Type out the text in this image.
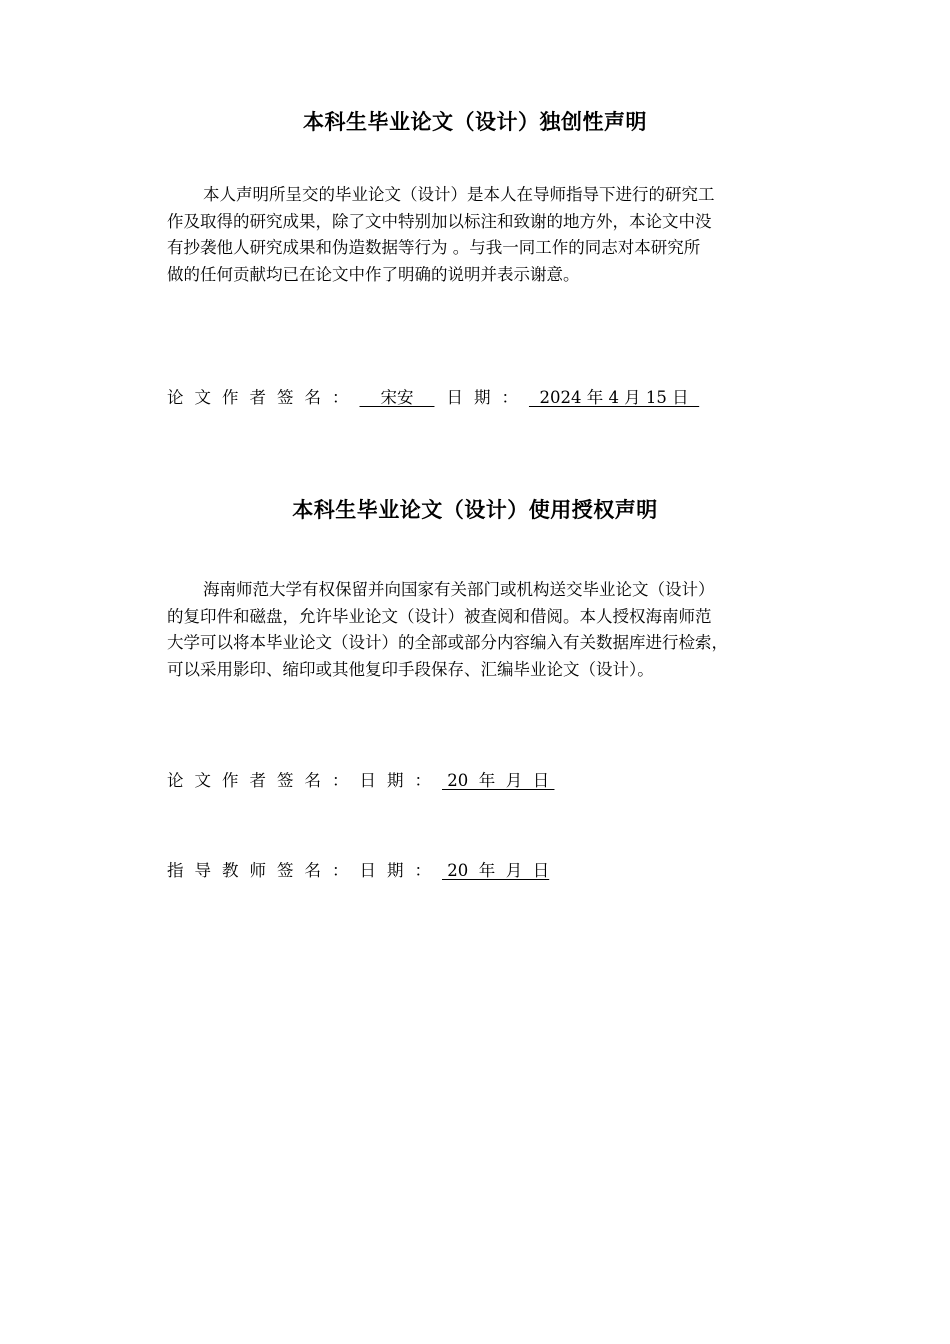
本科生毕业论文（设计）独创性声明
本人声明所呈交的毕业论文（设计）是本人在导师指导下进行的研究工
作及取得的研究成果，除了文中特别加以标注和致谢的地方外，本论文中没
有抄袭他人研究成果和伪造数据等行为 。与我一同工作的同志对本研究所
做的任何贡献均已在论文中作了明确的说明并表示谢意。

论文作者签名：    宋安    日期：  2024 年 4 月 15 日

本科生毕业论文（设计）使用授权声明
海南师范大学有权保留并向国家有关部门或机构送交毕业论文（设计）
的复印件和磁盘，允许毕业论文（设计）被查阅和借阅。本人授权海南师范
大学可以将本毕业论文（设计）的全部或部分内容编入有关数据库进行检索，
可以采用影印、缩印或其他复印手段保存、汇编毕业论文（设计）。

论文作者签名：日期： 20  年  月  日

指导教师签名：日期： 20  年  月  日
